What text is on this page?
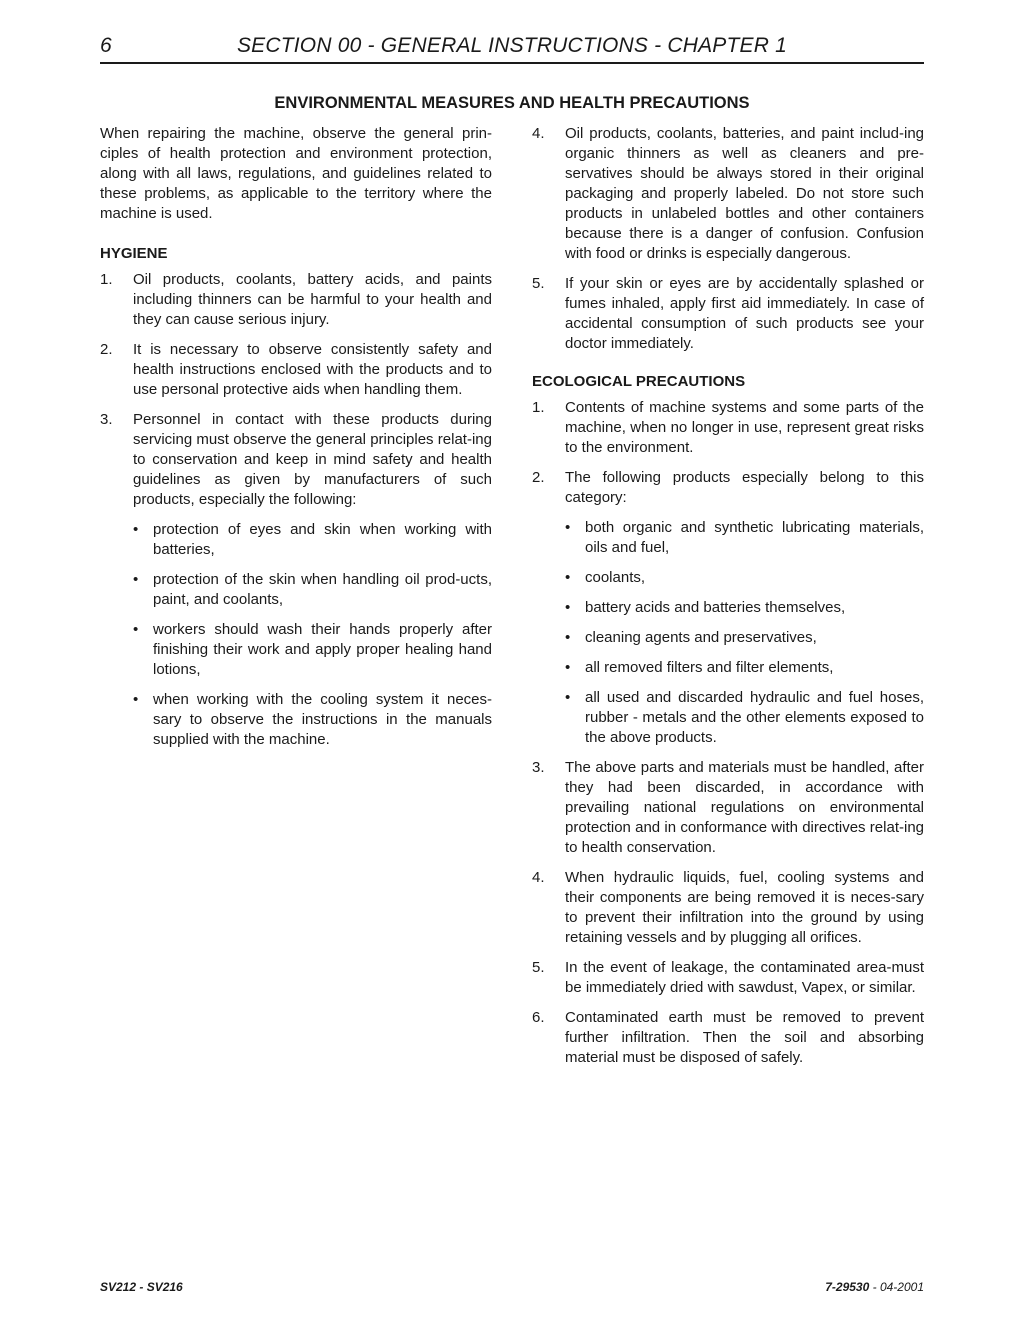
6	SECTION 00 - GENERAL INSTRUCTIONS - CHAPTER 1
ENVIRONMENTAL MEASURES AND HEALTH PRECAUTIONS

When repairing the machine, observe the general prin-ciples of health protection and environment protection, along with all laws, regulations, and guidelines related to these problems, as applicable to the territory where the machine is used.

HYGIENE
1. Oil products, coolants, battery acids, and paints including thinners can be harmful to your health and they can cause serious injury.

2. It is necessary to observe consistently safety and health instructions enclosed with the products and to use personal protective aids when handling them.

3. Personnel in contact with these products during servicing must observe the general principles relat-ing to conservation and keep in mind safety and health guidelines as given by manufacturers of such products, especially the following:

• protection of eyes and skin when working with batteries,
• protection of the skin when handling oil prod-ucts, paint, and coolants,
• workers should wash their hands properly after finishing their work and apply proper healing hand lotions,
• when working with the cooling system it neces-sary to observe the instructions in the manuals supplied with the machine.
4. Oil products, coolants, batteries, and paint includ-ing organic thinners as well as cleaners and pre-servatives should be always stored in their original packaging and properly labeled. Do not store such products in unlabeled bottles and other containers because there is a danger of confusion. Confusion with food or drinks is especially dangerous.

5. If your skin or eyes are by accidentally splashed or fumes inhaled, apply first aid immediately. In case of accidental consumption of such products see your doctor immediately.

ECOLOGICAL PRECAUTIONS
1. Contents of machine systems and some parts of the machine, when no longer in use, represent great risks to the environment.

2. The following products especially belong to this category:

• both organic and synthetic lubricating materials, oils and fuel,
• coolants,
• battery acids and batteries themselves,
• cleaning agents and preservatives,
• all removed filters and filter elements,
• all used and discarded hydraulic and fuel hoses, rubber - metals and the other elements exposed to the above products.
3. The above parts and materials must be handled, after they had been discarded, in accordance with prevailing national regulations on environmental protection and in conformance with directives relat-ing to health conservation.

4. When hydraulic liquids, fuel, cooling systems and their components are being removed it is neces-sary to prevent their infiltration into the ground by using retaining vessels and by plugging all orifices.

5. In the event of leakage, the contaminated area-must be immediately dried with sawdust, Vapex, or similar.

6. Contaminated earth must be removed to prevent further infiltration. Then the soil and absorbing material must be disposed of safely.

SV212 - SV216	7-29530 - 04-2001
